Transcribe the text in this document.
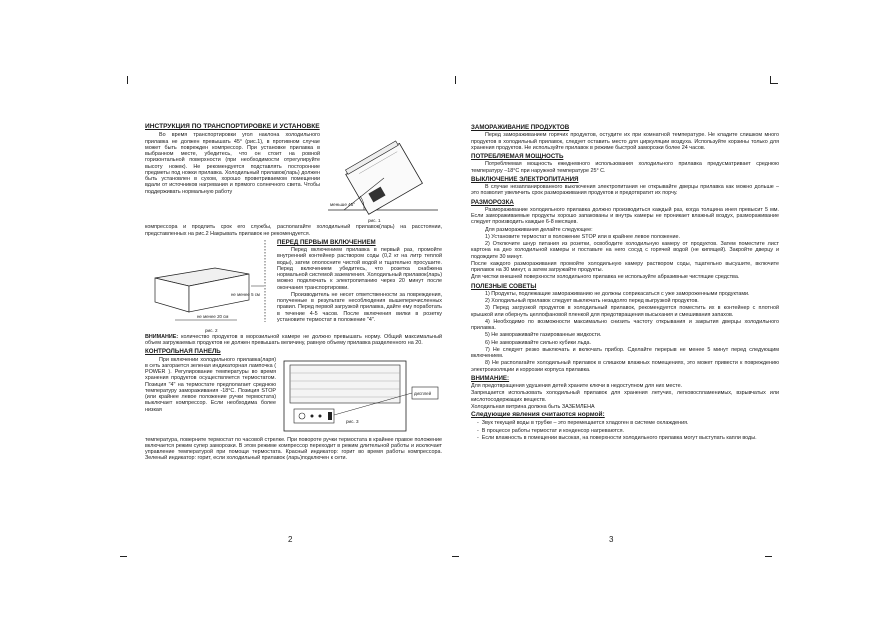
ИНСТРУКЦИЯ ПО ТРАНСПОРТИРОВКЕ И УСТАНОВКЕ
меньше 45°
рис. 1

Во время транспортировки угол наклона холодильного прилавка не должен превышать 45° (рис.1), в противном случае может быть поврежден компрессор. При установке прилавка в выбранном месте, убедитесь, что он стоит на ровной горизонтальной поверхности (при необходимости отрегулируйте высоту ножек). Не рекомендуется подставлять посторонние предметы под ножки прилавка. Холодильный прилавок(ларь) должен быть установлен в сухом, хорошо проветриваемом помещении вдали от источников нагревания и прямого солнечного света. Чтобы поддерживать нормальную работу

компрессора и продлить срок его службы, располагайте холодильный прилавок(ларь) на расстоянии, представленных на рис.2 Накрывать прилавок не рекомендуется.

не менее 5 см
не менее 20 см
рис. 2
ПЕРЕД ПЕРВЫМ ВКЛЮЧЕНИЕМ

Перед включением прилавка в первый раз, промойте внутренний контейнер раствором соды (0,2 кг на литр теплой воды), затем ополосните чистой водой и тщательно просушите. Перед включением убедитесь, что розетка снабжена нормальной системой заземления. Холодильный прилавок(ларь) можно подключать к электропитанию через 20 минут после окончания транспортировки.

Производитель не несет ответственности за повреждения, полученные в результате несоблюдения вышеперечисленных правил. Перед первой загрузкой прилавка, дайте ему поработать в течение 4-5 часов. После включения вилки в розетку установите термостат в положение "4".

ВНИМАНИЕ: количество продуктов в морозильной камере не должно превышать норму. Общий максимальный объем загружаемых продуктов не должен превышать величину, равную объему прилавка разделенного на 20.

КОНТРОЛЬНАЯ ПАНЕЛЬ
дисплей
рис. 3

При включении холодильного прилавка(ларя) в сеть загорается зеленая индикаторная лампочка ( POWER ). Регулирование температуры во время хранения продуктов осуществляется термостатом. Позиция "4" на термостате предполагает среднюю температуру замораживания -18°С. Позиция STOP (или крайнее левое положение ручки термостата) выключает компрессор. Если необходима более низкая

температура, поверните термостат по часовой стрелке. При повороте ручки термостата в крайнее правое положение включается режим супер заморозки. В этом режиме компрессор переходит в режим длительной работы и исключает управление температурой при помощи термостата. Красный индикатор: горит во время работы компрессора. Зеленый индикатор: горит, если холодильный прилавок (ларь)подключен к сети.

2
ЗАМОРАЖИВАНИЕ ПРОДУКТОВ

Перед замораживанием горячих продуктов, остудите их при комнатной температуре. Не кладите слишком много продуктов в холодильный прилавок, следует оставить место для циркуляции воздуха. Используйте корзины только для хранения продуктов. Не используйте прилавок в режиме быстрой заморозки более 24 часов.

ПОТРЕБЛЯЕМАЯ МОЩНОСТЬ

Потребляемая мощность ежедневного использования холодильного прилавка предусматривает среднюю температуру –18°С при наружной температуре 25° С.

ВЫКЛЮЧЕНИЕ ЭЛЕКТРОПИТАНИЯ

В случае незапланированного выключения электропитания не открывайте дверцы прилавка как можно дольше – это позволит увеличить срок размораживания продуктов и предотвратит их порчу.

РАЗМОРОЗКА

Размораживание холодильного прилавка должно производиться каждый раз, когда толщина инея превысит 5 мм. Если замораживаемые продукты хорошо запакованы и внутрь камеры не проникает влажный воздух, размораживание следует производить каждые 6-8 месяцев.

Для размораживания делайте следующее:

1) Установите термостат в положение STOP или в крайнее левое положение.

2) Отключите шнур питания из розетки, освободите холодильную камеру от продуктов. Затем поместите лист картона на дно холодильной камеры и поставьте на него сосуд с горячей водой (не кипящей). Закройте дверцу и подождите 30 минут.

После каждого размораживания промойте холодильную камеру раствором соды, тщательно высушите, включите прилавок на 30 минут, а затем загружайте продукты.

Для чистки внешней поверхности холодильного прилавка не используйте абразивные чистящие средства.

ПОЛЕЗНЫЕ СОВЕТЫ

1) Продукты, подлежащие замораживанию не должны соприкасаться с уже замороженными продуктами.

2) Холодильный прилавок следует выключать незадолго перед выгрузкой продуктов.

3) Перед загрузкой продуктов в холодильный прилавок, рекомендуется поместить их в контейнер с плотной крышкой или обернуть целлофановой пленкой для предотвращения высыхания и смешивания запахов.

4) Необходимо по возможности максимально снизить частоту открывания и закрытия дверцы холодильного прилавка.

5) Не замораживайте газированные жидкости.

6) Не замораживайте сильно кубики льда.

7) Не следует резко выключать и включать прибор. Сделайте перерыв не менее 5 минут перед следующим включением.

8) Не располагайте холодильный прилавок в слишком влажных помещениях, это может привести к повреждению электроизоляции и коррозии корпуса прилавка.

ВНИМАНИЕ:

Для предотвращения удушения детей храните ключи в недоступном для них месте.

Запрещается использовать холодильный прилавок для хранения летучих, легковоспламенимых, взрывчатых или кислотосодержащих веществ.

Холодильная витрина должна быть ЗАЗЕМЛЕНА

Следующие явления считаются нормой:

-  Звук текущей воды в трубке – это перемещается хладоген в системе охлаждения.

-  В процессе работы термостат и конденсор нагреваются.

-  Если влажность в помещении высокая, на поверхности холодильного прилавка могут выступать капли воды.

3
